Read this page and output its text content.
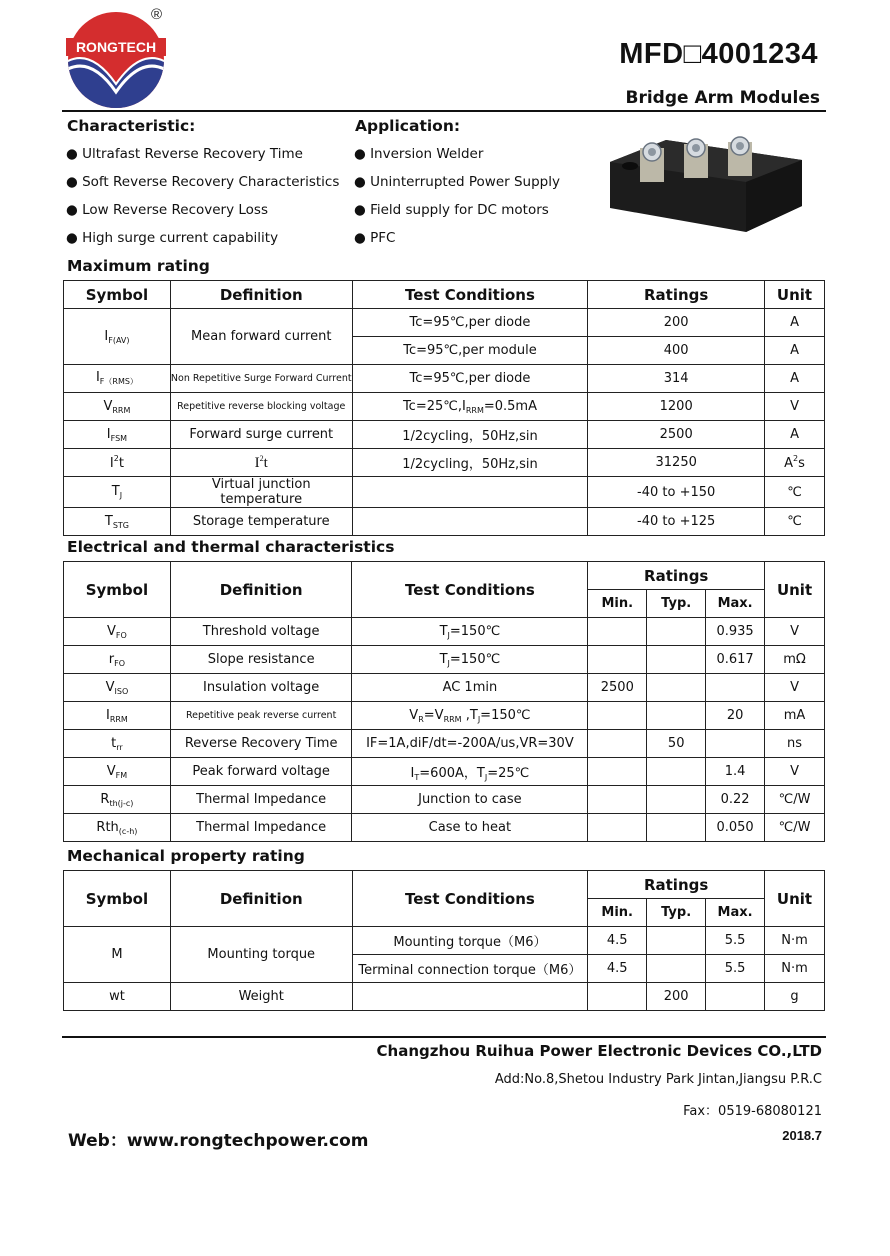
RONGTECH
®
MFD□4001234
Bridge Arm Modules
Characteristic:
● Ultrafast Reverse Recovery Time
● Soft Reverse Recovery Characteristics
● Low Reverse Recovery Loss
● High surge current capability
Application:
● Inversion Welder
● Uninterrupted Power Supply
● Field supply for DC motors
● PFC
Maximum rating
Symbol	Definition	Test Conditions	Ratings	Unit
$I_{F(AV)}$	Mean forward current	Tc=95℃,per diode	200	A
		Tc=95℃,per module	400	A
$I_{F(RMS)}$	Non Repetitive Surge Forward Current	Tc=95℃,per diode	314	A
$V_{RRM}$	Repetitive reverse blocking voltage	$Tc=25℃,I_{RRM}=0.5mA$	1200	V
$I_{FSM}$	Forward surge current	1/2cycling，50Hz,sin	2500	A
$I^2t$	$I^2t$	1/2cycling，50Hz,sin	31250	$A^2s$
$T_J$	Virtual junction temperature		-40 to +150	℃
$T_{STG}$	Storage temperature		-40 to +125	℃
Electrical and thermal characteristics
Symbol	Definition	Test Conditions	Ratings			Unit
			Min.	Typ.	Max.	
$V_{FO}$	Threshold voltage	$T_J=150℃$			0.935	V
$r_{FO}$	Slope resistance	$T_J=150℃$			0.617	mΩ
$V_{ISO}$	Insulation voltage	AC 1min	2500			V
$I_{RRM}$	Repetitive peak reverse current	$V_R=V_{RRM}$ $,T_J=150℃$			20	mA
$t_{rr}$	Reverse Recovery Time	IF=1A,diF/dt=-200A/us,VR=30V		50		ns
$V_{FM}$	Peak forward voltage	$I_T=600A$，$T_J=25℃$			1.4	V
$R_{th(j-c)}$	Thermal Impedance	Junction to case			0.22	℃/W
Rth$_{(c-h)}$	Thermal Impedance	Case to heat			0.050	℃/W
Mechanical property rating
Symbol	Definition	Test Conditions	Ratings			Unit
			Min.	Typ.	Max.	
M	Mounting torque	Mounting torque（M6）	4.5		5.5	N·m
		Terminal connection torque（M6）	4.5		5.5	N·m
wt	Weight			200		g
Changzhou Ruihua Power Electronic Devices CO.,LTD
Add:No.8,Shetou Industry Park Jintan,Jiangsu P.R.C
Fax：0519-68080121
Web：www.rongtechpower.com	2018.7
